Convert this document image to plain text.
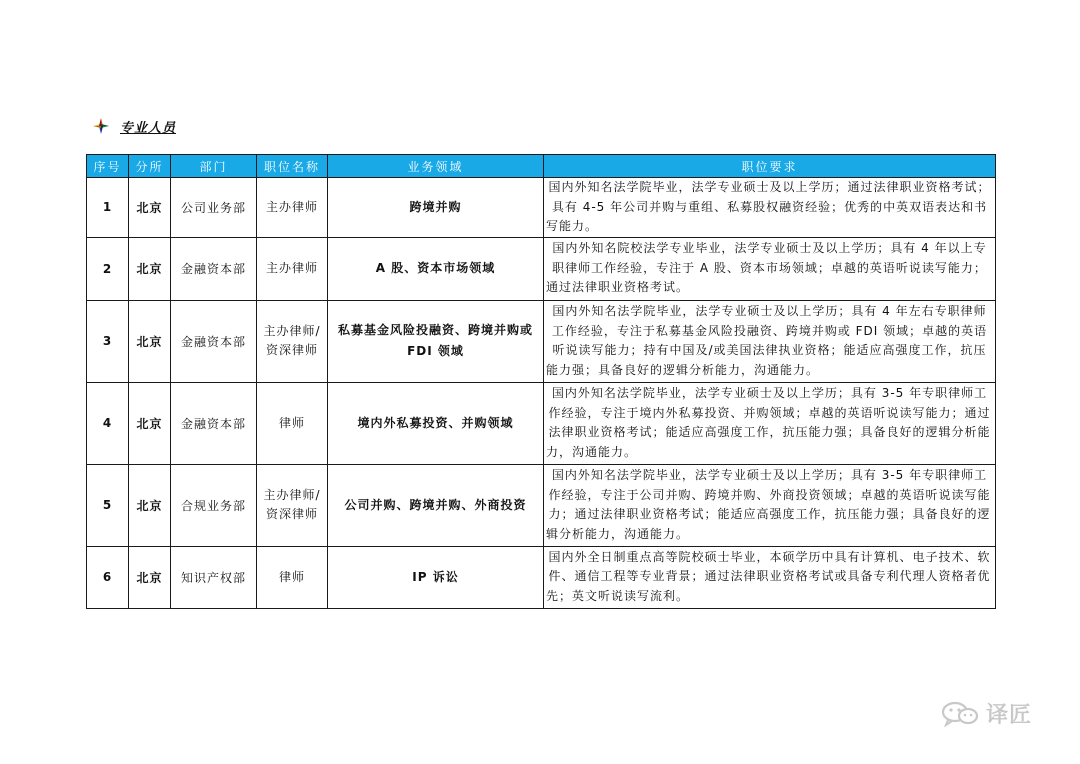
专业人员
序号	分所	部门	职位名称	业务领域	职位要求
1	北京	公司业务部	主办律师	跨境并购	国内外知名法学院毕业，法学专业硕士及以上学历；通过法律职业资格考试；具有 4-5 年公司并购与重组、私募股权融资经验；优秀的中英双语表达和书写能力。
2	北京	金融资本部	主办律师	A 股、资本市场领域	国内外知名院校法学专业毕业，法学专业硕士及以上学历；具有 4 年以上专职律师工作经验，专注于 A 股、资本市场领域；卓越的英语听说读写能力；通过法律职业资格考试。
3	北京	金融资本部	主办律师/资深律师	私募基金风险投融资、跨境并购或 FDI 领域	国内外知名法学院毕业，法学专业硕士及以上学历；具有 4 年左右专职律师工作经验，专注于私募基金风险投融资、跨境并购或 FDI 领域；卓越的英语听说读写能力；持有中国及/或美国法律执业资格；能适应高强度工作，抗压能力强；具备良好的逻辑分析能力，沟通能力。
4	北京	金融资本部	律师	境内外私募投资、并购领域	国内外知名法学院毕业，法学专业硕士及以上学历；具有 3-5 年专职律师工作经验，专注于境内外私募投资、并购领域；卓越的英语听说读写能力；通过法律职业资格考试；能适应高强度工作，抗压能力强；具备良好的逻辑分析能力，沟通能力。
5	北京	合规业务部	主办律师/资深律师	公司并购、跨境并购、外商投资	国内外知名法学院毕业，法学专业硕士及以上学历；具有 3-5 年专职律师工作经验，专注于公司并购、跨境并购、外商投资领域；卓越的英语听说读写能力；通过法律职业资格考试；能适应高强度工作，抗压能力强；具备良好的逻辑分析能力，沟通能力。
6	北京	知识产权部	律师	IP 诉讼	国内外全日制重点高等院校硕士毕业，本硕学历中具有计算机、电子技术、软件、通信工程等专业背景；通过法律职业资格考试或具备专利代理人资格者优先；英文听说读写流利。
译匠
